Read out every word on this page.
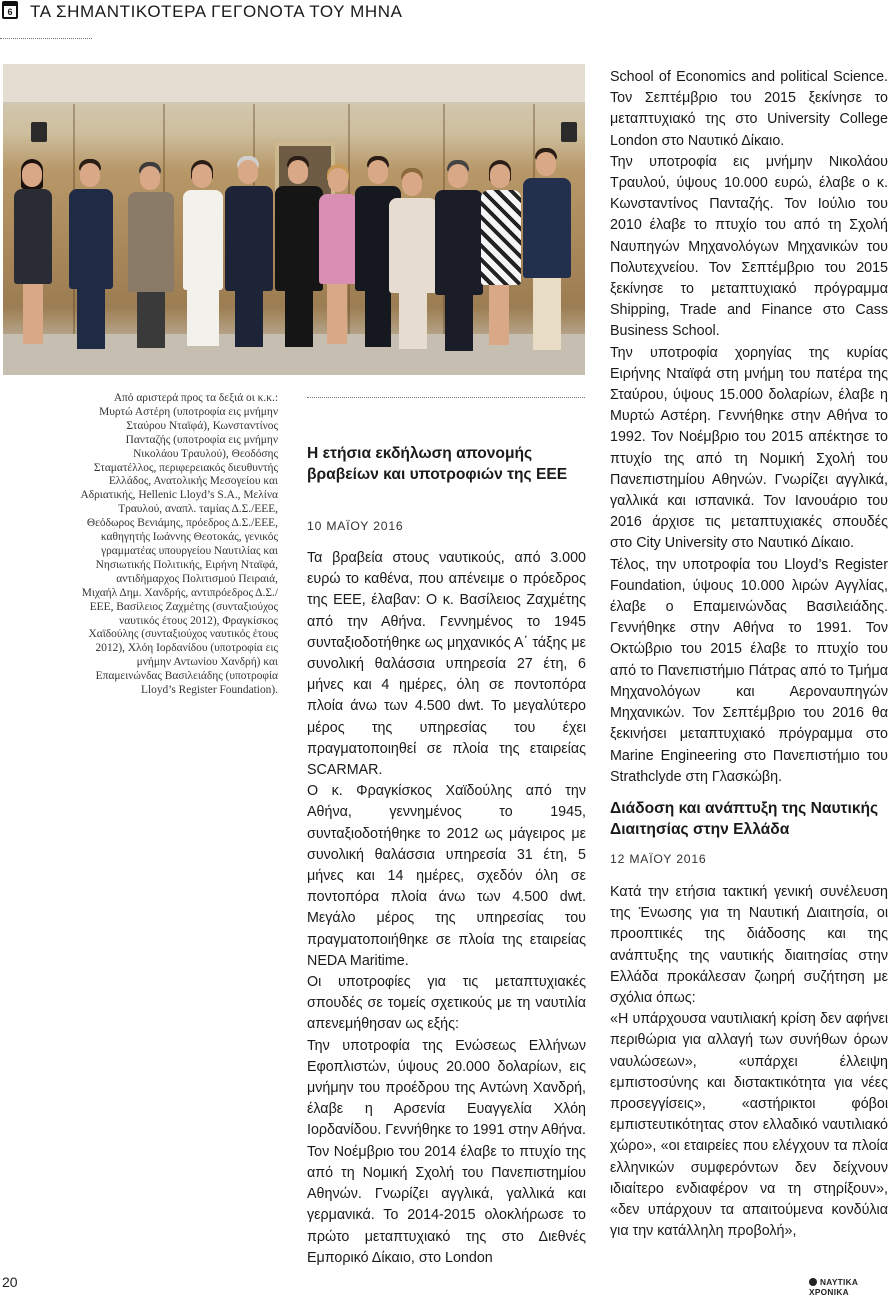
6	ΤΑ ΣΗΜΑΝΤΙΚΟΤΕΡΑ ΓΕΓΟΝΟΤΑ ΤΟΥ ΜΗΝΑ
Από αριστερά προς τα δεξιά οι κ.κ.: Μυρτώ Αστέρη (υποτροφία εις μνήμην Σταύρου Νταϊφά), Κωνσταντίνος Πανταζής (υποτροφία εις μνήμην Νικολάου Τραυλού), Θεοδόσης Σταματέλλος, περιφερειακός διευθυντής Ελλάδος, Ανατολικής Μεσογείου και Αδριατικής, Hellenic Lloyd’s S.A., Μελίνα Τραυλού, αναπλ. ταμίας Δ.Σ./ΕΕΕ, Θεόδωρος Βενιάμης, πρόεδρος Δ.Σ./ΕΕΕ, καθηγητής Ιωάννης Θεοτοκάς, γενικός γραμματέας υπουργείου Ναυτιλίας και Νησιωτικής Πολιτικής, Ειρήνη Νταϊφά, αντιδήμαρχος Πολιτισμού Πειραιά, Μιχαήλ Δημ. Χανδρής, αντιπρόεδρος Δ.Σ./ΕΕΕ, Βασίλειος Ζαχμέτης (συνταξιούχος ναυτικός έτους 2012), Φραγκίσκος Χαϊδούλης (συνταξιούχος ναυτικός έτους 2012), Χλόη Ιορδανίδου (υποτροφία εις μνήμην Αντωνίου Χανδρή) και Επαμεινώνδας Βασιλειάδης (υποτροφία Lloyd’s Register Foundation).
Η ετήσια εκδήλωση απονομής βραβείων και υποτροφιών της ΕΕΕ
10 ΜΑΪΟΥ 2016

Τα βραβεία στους ναυτικούς, από 3.000 ευρώ το καθένα, που απένειμε ο πρόεδρος της ΕΕΕ, έλαβαν: Ο κ. Βασίλειος Ζαχμέτης από την Αθήνα. Γεννημένος το 1945 συνταξιοδοτήθηκε ως μηχανικός Α΄ τάξης με συνολική θαλάσσια υπηρεσία 27 έτη, 6 μήνες και 4 ημέρες, όλη σε ποντοπόρα πλοία άνω των 4.500 dwt. Το μεγαλύτερο μέρος της υπηρεσίας του έχει πραγματοποιηθεί σε πλοία της εταιρείας SCARMAR.

Ο κ. Φραγκίσκος Χαϊδούλης από την Αθήνα, γεννημένος το 1945, συνταξιοδοτήθηκε το 2012 ως μάγειρος με συνολική θαλάσσια υπηρεσία 31 έτη, 5 μήνες και 14 ημέρες, σχεδόν όλη σε ποντοπόρα πλοία άνω των 4.500 dwt. Μεγάλο μέρος της υπηρεσίας του πραγματοποιήθηκε σε πλοία της εταιρείας NEDA Maritime.

Οι υποτροφίες για τις μεταπτυχιακές σπουδές σε τομείς σχετικούς με τη ναυτιλία απενεμήθησαν ως εξής:

Την υποτροφία της Ενώσεως Ελλήνων Εφοπλιστών, ύψους 20.000 δολαρίων, εις μνήμην του προέδρου της Αντώνη Χανδρή, έλαβε η Αρσενία Ευαγγελία Χλόη Ιορδανίδου. Γεννήθηκε το 1991 στην Αθήνα. Τον Νοέμβριο του 2014 έλαβε το πτυχίο της από τη Νομική Σχολή του Πανεπιστημίου Αθηνών. Γνωρίζει αγγλικά, γαλλικά και γερμανικά. Το 2014-2015 ολοκλήρωσε το πρώτο μεταπτυχιακό της στο Διεθνές Εμπορικό Δίκαιο, στο London

School of Economics and political Science. Τον Σεπτέμβριο του 2015 ξεκίνησε το μεταπτυχιακό της στο University College London στο Ναυτικό Δίκαιο.

Την υποτροφία εις μνήμην Νικολάου Τραυλού, ύψους 10.000 ευρώ, έλαβε ο κ. Κωνσταντίνος Πανταζής. Τον Ιούλιο του 2010 έλαβε το πτυχίο του από τη Σχολή Ναυπηγών Μηχανολόγων Μηχανικών του Πολυτεχνείου. Τον Σεπτέμβριο του 2015 ξεκίνησε το μεταπτυχιακό πρόγραμμα Shipping, Trade and Finance στο Cass Business School.

Την υποτροφία χορηγίας της κυρίας Ειρήνης Νταϊφά στη μνήμη του πατέρα της Σταύρου, ύψους 15.000 δολαρίων, έλαβε η Μυρτώ Αστέρη. Γεννήθηκε στην Αθήνα το 1992. Τον Νοέμβριο του 2015 απέκτησε το πτυχίο της από τη Νομική Σχολή του Πανεπιστημίου Αθηνών. Γνωρίζει αγγλικά, γαλλικά και ισπανικά. Τον Ιανουάριο του 2016 άρχισε τις μεταπτυχιακές σπουδές στο City University στο Ναυτικό Δίκαιο.

Τέλος, την υποτροφία του Lloyd’s Register Foundation, ύψους 10.000 λιρών Αγγλίας, έλαβε ο Επαμεινώνδας Βασιλειάδης. Γεννήθηκε στην Αθήνα το 1991. Τον Οκτώβριο του 2015 έλαβε το πτυχίο του από το Πανεπιστήμιο Πάτρας από το Τμήμα Μηχανολόγων και Αεροναυπηγών Μηχανικών. Τον Σεπτέμβριο του 2016 θα ξεκινήσει μεταπτυχιακό πρόγραμμα στο Marine Engineering στο Πανεπιστήμιο του Strathclyde στη Γλασκώβη.

Διάδοση και ανάπτυξη της Ναυτικής Διαιτησίας στην Ελλάδα
12 ΜΑΪΟΥ 2016

Κατά την ετήσια τακτική γενική συνέλευση της Ένωσης για τη Ναυτική Διαιτησία, οι προοπτικές της διάδοσης και της ανάπτυξης της ναυτικής διαιτησίας στην Ελλάδα προκάλεσαν ζωηρή συζήτηση με σχόλια όπως:

«Η υπάρχουσα ναυτιλιακή κρίση δεν αφήνει περιθώρια για αλλαγή των συνήθων όρων ναυλώσεων», «υπάρχει έλλειψη εμπιστοσύνης και διστακτικότητα για νέες προσεγγίσεις», «αστήρικτοι φόβοι εμπιστευτικότητας στον ελλαδικό ναυτιλιακό χώρο», «οι εταιρείες που ελέγχουν τα πλοία ελληνικών συμφερόντων δεν δείχνουν ιδιαίτερο ενδιαφέρον να τη στηρίξουν», «δεν υπάρχουν τα απαιτούμενα κονδύλια για την κατάλληλη προβολή»,

20	ΝΑΥΤΙΚΑ ΧΡΟΝΙΚΑ
